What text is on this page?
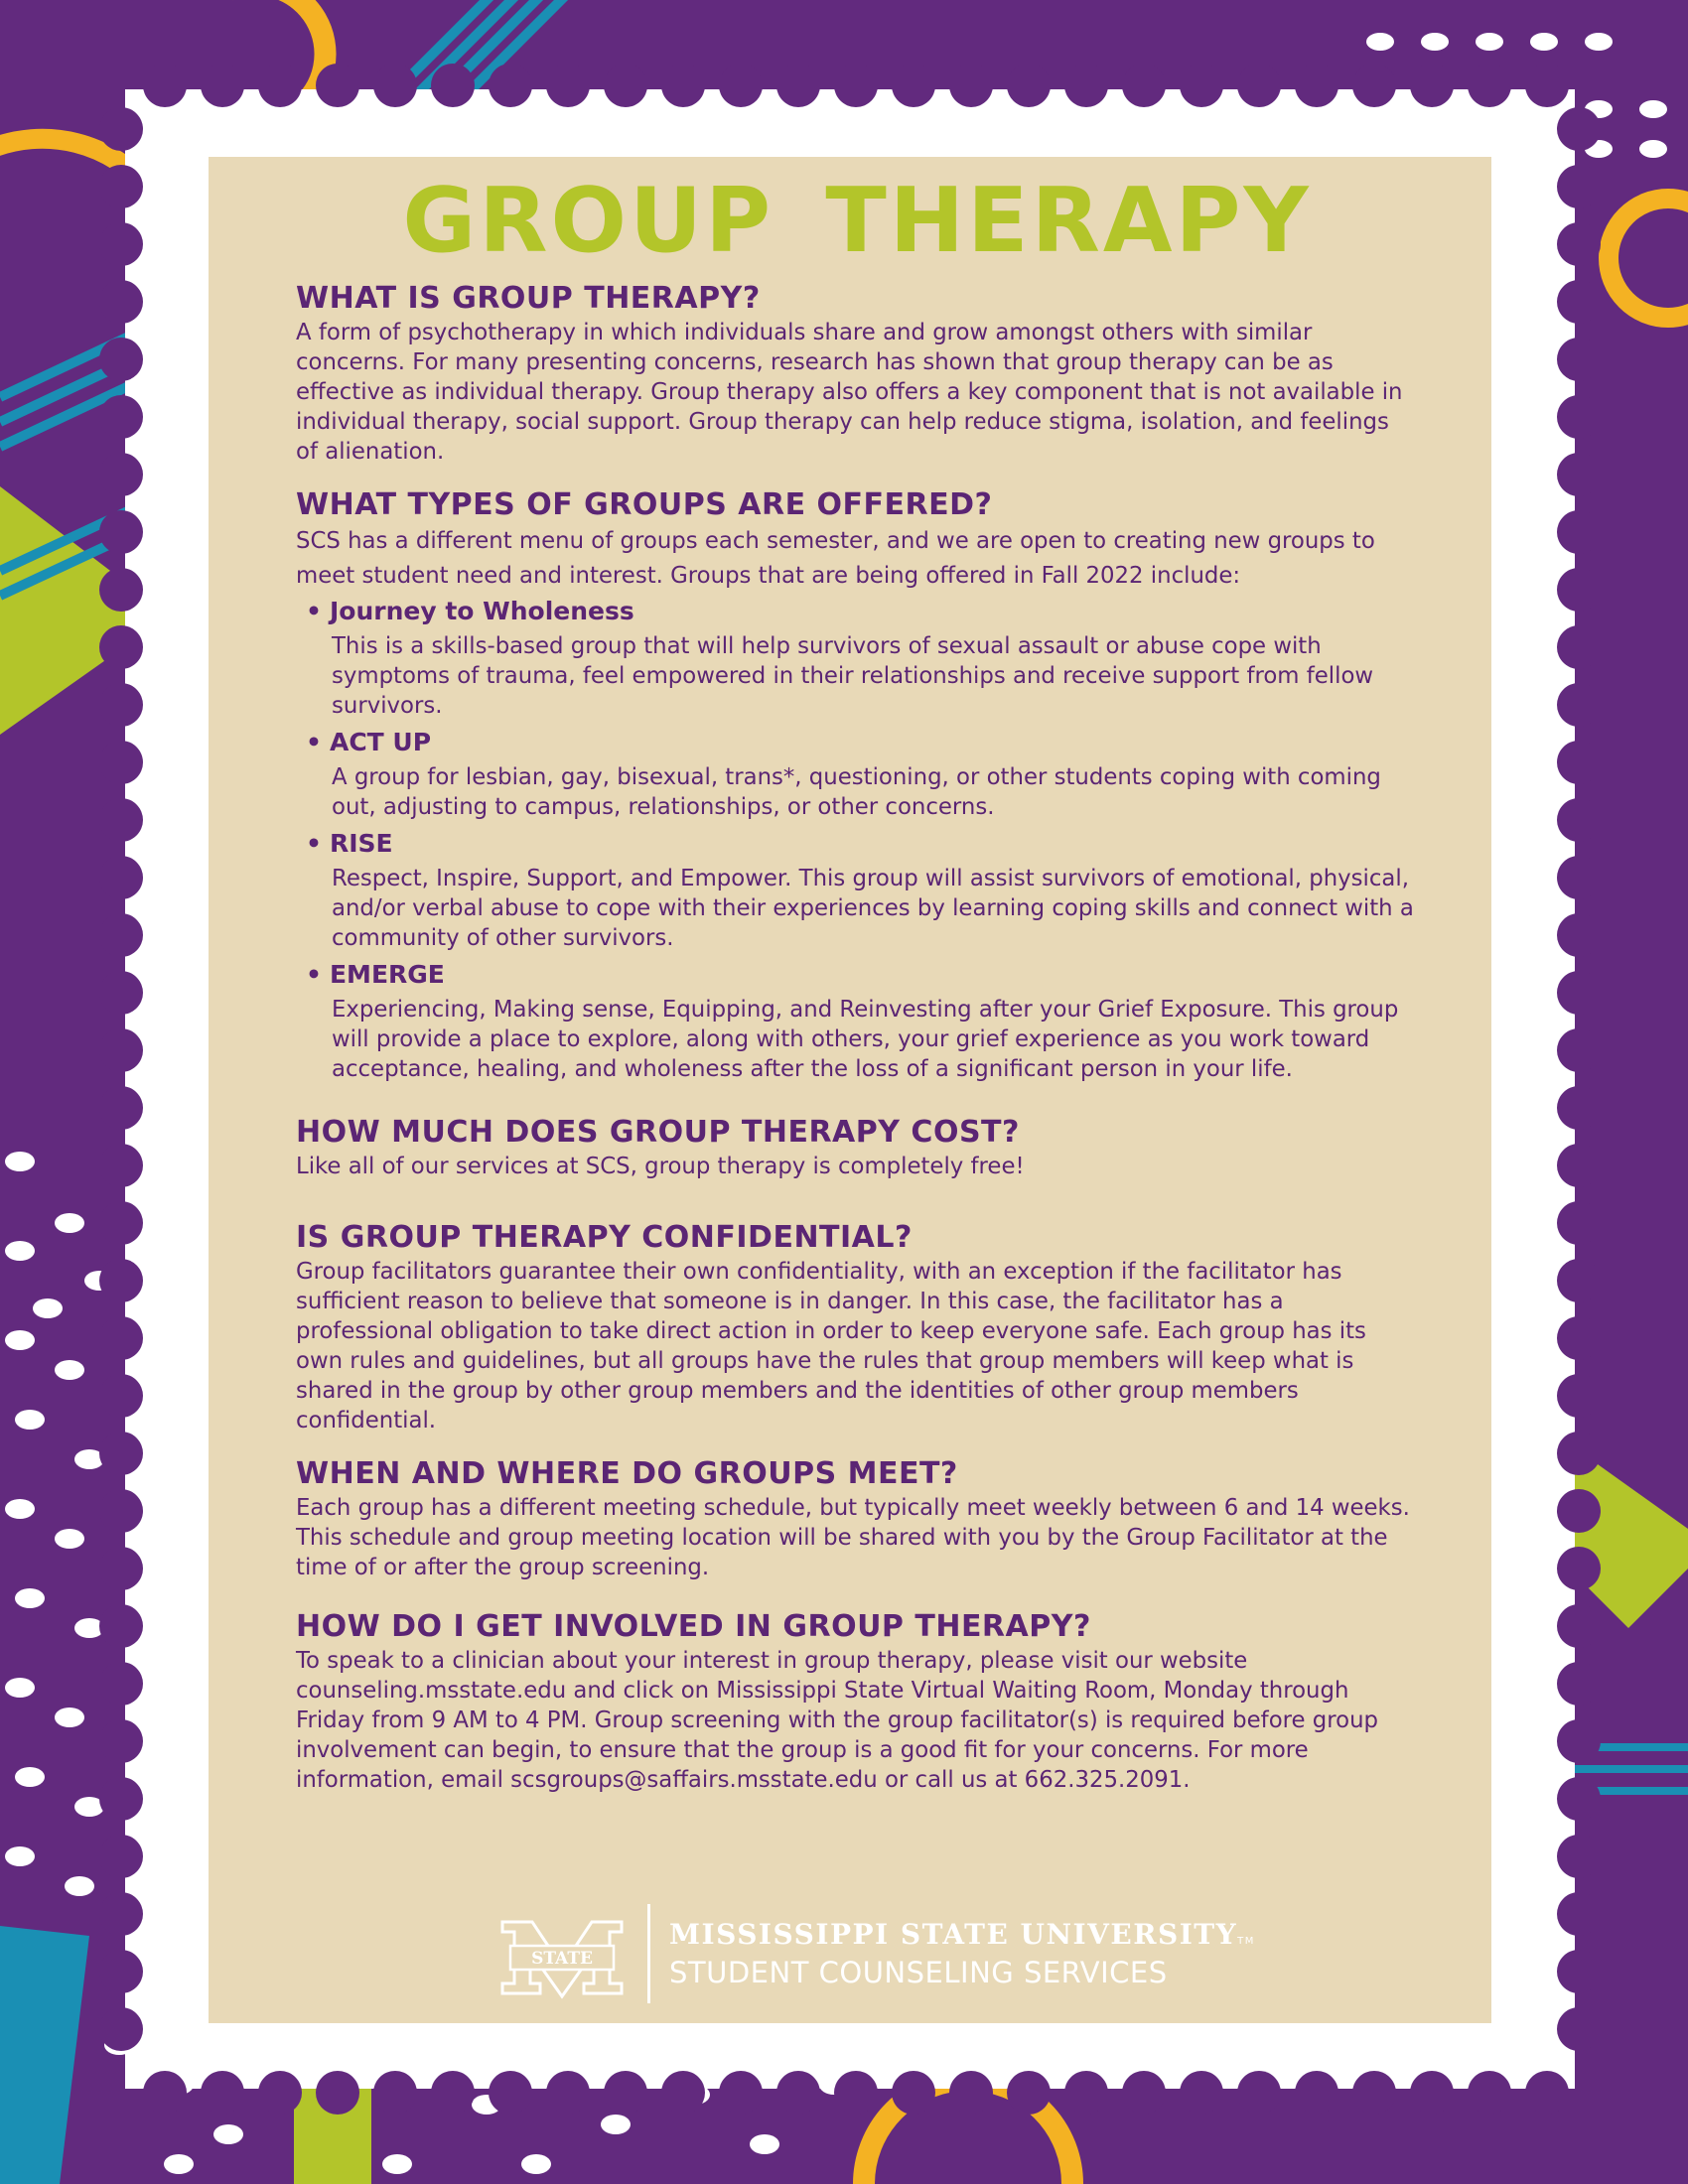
GROUP THERAPY
WHAT IS GROUP THERAPY?

A form of psychotherapy in which individuals share and grow amongst others with similar concerns. For many presenting concerns, research has shown that group therapy can be as effective as individual therapy. Group therapy also offers a key component that is not available in individual therapy, social support. Group therapy can help reduce stigma, isolation, and feelings of alienation.

WHAT TYPES OF GROUPS ARE OFFERED?

SCS has a different menu of groups each semester, and we are open to creating new groups to meet student need and interest. Groups that are being offered in Fall 2022 include:

• Journey to Wholeness
This is a skills-based group that will help survivors of sexual assault or abuse cope with symptoms of trauma, feel empowered in their relationships and receive support from fellow survivors.
• ACT UP
A group for lesbian, gay, bisexual, trans*, questioning, or other students coping with coming out, adjusting to campus, relationships, or other concerns.
• RISE
Respect, Inspire, Support, and Empower. This group will assist survivors of emotional, physical, and/or verbal abuse to cope with their experiences by learning coping skills and connect with a community of other survivors.
• EMERGE
Experiencing, Making sense, Equipping, and Reinvesting after your Grief Exposure. This group will provide a place to explore, along with others, your grief experience as you work toward acceptance, healing, and wholeness after the loss of a significant person in your life.
HOW MUCH DOES GROUP THERAPY COST?

Like all of our services at SCS, group therapy is completely free!

IS GROUP THERAPY CONFIDENTIAL?

Group facilitators guarantee their own confidentiality, with an exception if the facilitator has sufficient reason to believe that someone is in danger. In this case, the facilitator has a professional obligation to take direct action in order to keep everyone safe. Each group has its own rules and guidelines, but all groups have the rules that group members will keep what is shared in the group by other group members and the identities of other group members confidential.

WHEN AND WHERE DO GROUPS MEET?

Each group has a different meeting schedule, but typically meet weekly between 6 and 14 weeks. This schedule and group meeting location will be shared with you by the Group Facilitator at the time of or after the group screening.

HOW DO I GET INVOLVED IN GROUP THERAPY?

To speak to a clinician about your interest in group therapy, please visit our website counseling.msstate.edu and click on Mississippi State Virtual Waiting Room, Monday through Friday from 9 AM to 4 PM. Group screening with the group facilitator(s) is required before group involvement can begin, to ensure that the group is a good fit for your concerns. For more information, email scsgroups@saffairs.msstate.edu or call us at 662.325.2091.

STATE
MISSISSIPPI STATE UNIVERSITYTM
STUDENT COUNSELING SERVICES
